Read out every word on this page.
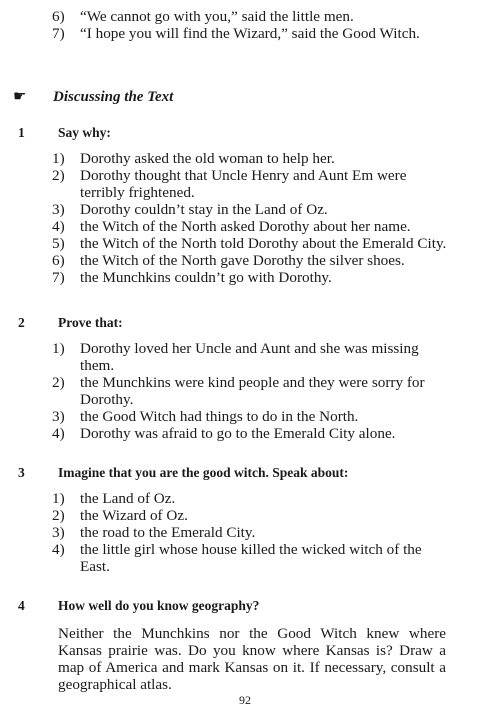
6)	“We cannot go with you,” said the little men.
7)	“I hope you will find the Wizard,” said the Good Witch.
☛	Discussing the Text
1 Say why:
1)	Dorothy asked the old woman to help her.
2)	Dorothy thought that Uncle Henry and Aunt Em were terribly frightened.
3)	Dorothy couldn’t stay in the Land of Oz.
4)	the Witch of the North asked Dorothy about her name.
5)	the Witch of the North told Dorothy about the Emerald City.
6)	the Witch of the North gave Dorothy the silver shoes.
7)	the Munchkins couldn’t go with Dorothy.
2 Prove that:
1)	Dorothy loved her Uncle and Aunt and she was missing them.
2)	the Munchkins were kind people and they were sorry for Dorothy.
3)	the Good Witch had things to do in the North.
4)	Dorothy was afraid to go to the Emerald City alone.
3 Imagine that you are the good witch. Speak about:
1)	the Land of Oz.
2)	the Wizard of Oz.
3)	the road to the Emerald City.
4)	the little girl whose house killed the wicked witch of the East.
4 How well do you know geography?
Neither the Munchkins nor the Good Witch knew where Kansas prairie was. Do you know where Kansas is? Draw a map of America and mark Kansas on it. If necessary, consult a geographical atlas.
92
